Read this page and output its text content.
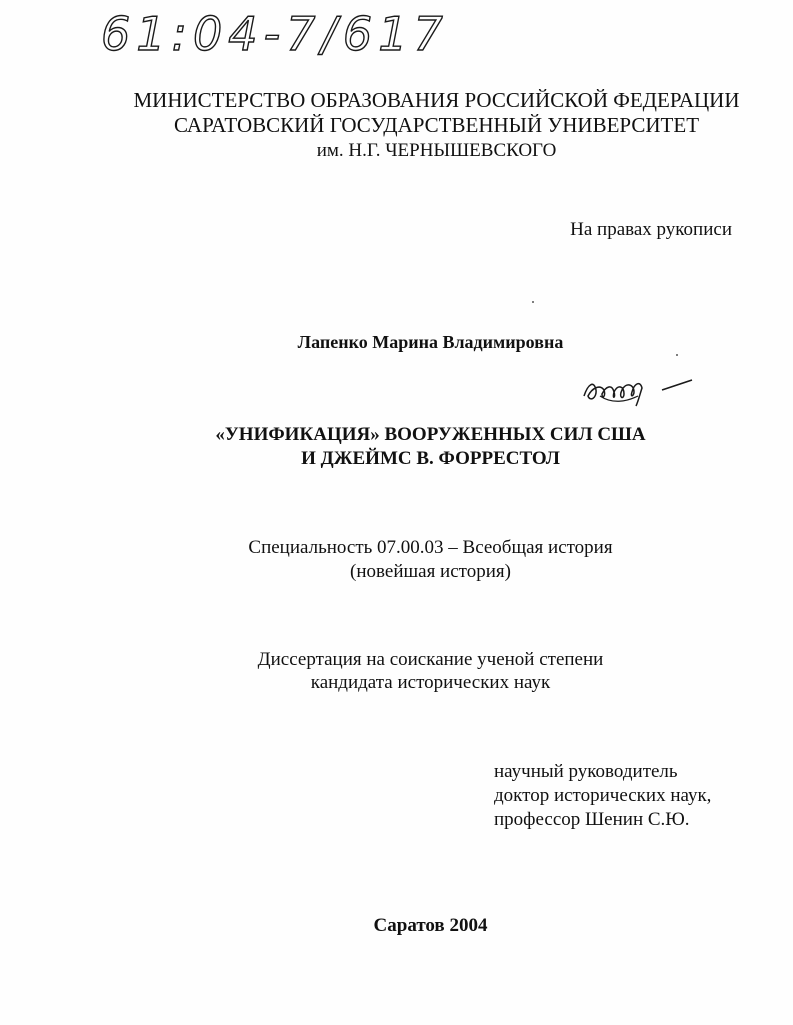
61:04-7/617
МИНИСТЕРСТВО ОБРАЗОВАНИЯ РОССИЙСКОЙ ФЕДЕРАЦИИ
САРАТОВСКИЙ ГОСУДАРСТВЕННЫЙ УНИВЕРСИТЕТ
им. Н.Г. ЧЕРНЫШЕВСКОГО
На правах рукописи
Лапенко Марина Владимировна
«УНИФИКАЦИЯ» ВООРУЖЕННЫХ СИЛ США
И ДЖЕЙМС В. ФОРРЕСТОЛ
Специальность 07.00.03 – Всеобщая история
(новейшая история)
Диссертация на соискание ученой степени
кандидата исторических наук
научный руководитель
доктор исторических наук,
профессор Шенин С.Ю.
Саратов 2004
